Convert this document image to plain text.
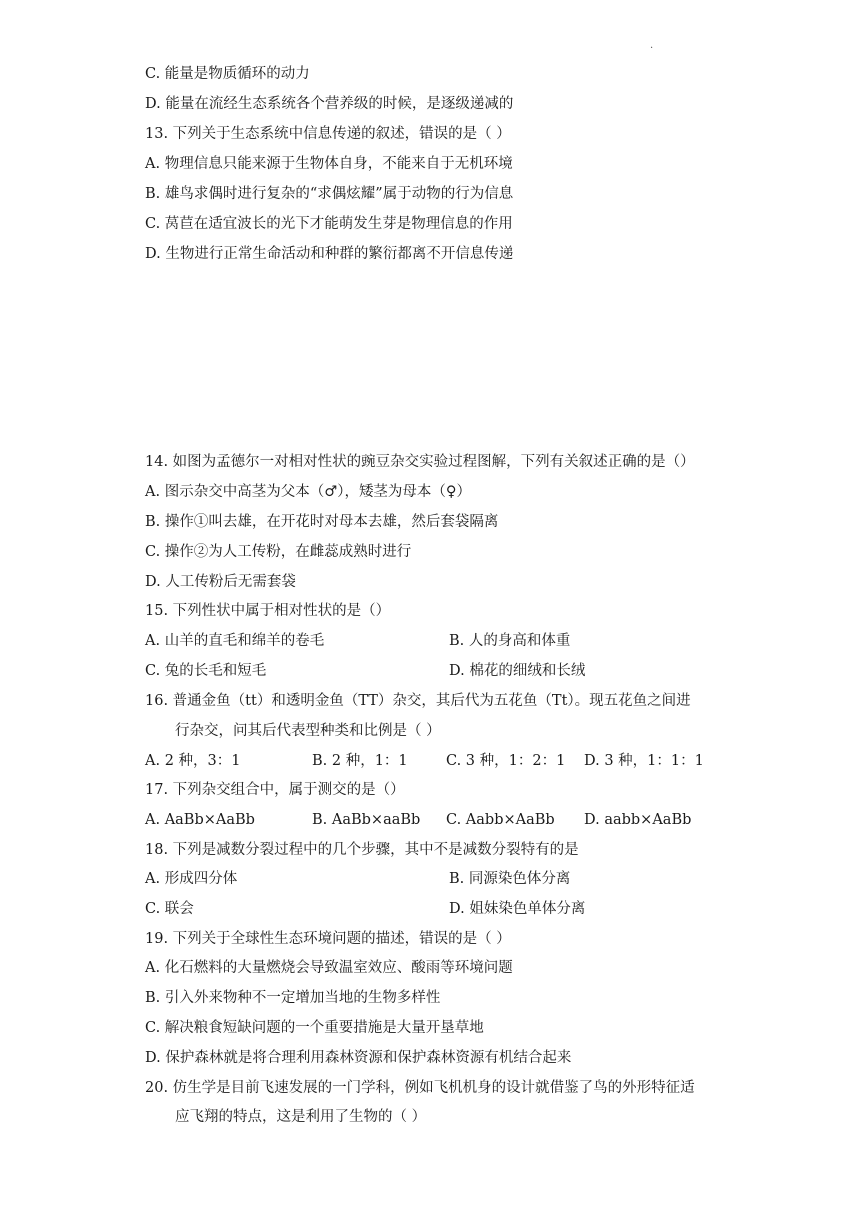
.
C. 能量是物质循环的动力
D. 能量在流经生态系统各个营养级的时候，是逐级递减的
13. 下列关于生态系统中信息传递的叙述，错误的是（ ）
A. 物理信息只能来源于生物体自身，不能来自于无机环境
B. 雄鸟求偶时进行复杂的“求偶炫耀”属于动物的行为信息
C. 莴苣在适宜波长的光下才能萌发生芽是物理信息的作用
D. 生物进行正常生命活动和种群的繁衍都离不开信息传递
14. 如图为孟德尔一对相对性状的豌豆杂交实验过程图解，下列有关叙述正确的是（）
A. 图示杂交中高茎为父本（♂），矮茎为母本（♀）
B. 操作①叫去雄，在开花时对母本去雄，然后套袋隔离
C. 操作②为人工传粉，在雌蕊成熟时进行
D. 人工传粉后无需套袋
15. 下列性状中属于相对性状的是（）
A. 山羊的直毛和绵羊的卷毛	B. 人的身高和体重
C. 兔的长毛和短毛	D. 棉花的细绒和长绒
16. 普通金鱼（tt）和透明金鱼（TT）杂交，其后代为五花鱼（Tt）。现五花鱼之间进
行杂交，问其后代表型种类和比例是（ ）
A. 2 种，3：1	B. 2 种，1：1	C. 3 种，1：2：1 D. 3 种，1：1：1
17. 下列杂交组合中，属于测交的是（）
A. AaBb×AaBb	B. AaBb×aaBb C. Aabb×AaBb D. aabb×AaBb
18. 下列是减数分裂过程中的几个步骤，其中不是减数分裂特有的是
A. 形成四分体	B. 同源染色体分离
C. 联会	D. 姐妹染色单体分离
19. 下列关于全球性生态环境问题的描述，错误的是（ ）
A. 化石燃料的大量燃烧会导致温室效应、酸雨等环境问题
B. 引入外来物种不一定增加当地的生物多样性
C. 解决粮食短缺问题的一个重要措施是大量开垦草地
D. 保护森林就是将合理利用森林资源和保护森林资源有机结合起来
20. 仿生学是目前飞速发展的一门学科，例如飞机机身的设计就借鉴了鸟的外形特征适
应飞翔的特点，这是利用了生物的（ ）
